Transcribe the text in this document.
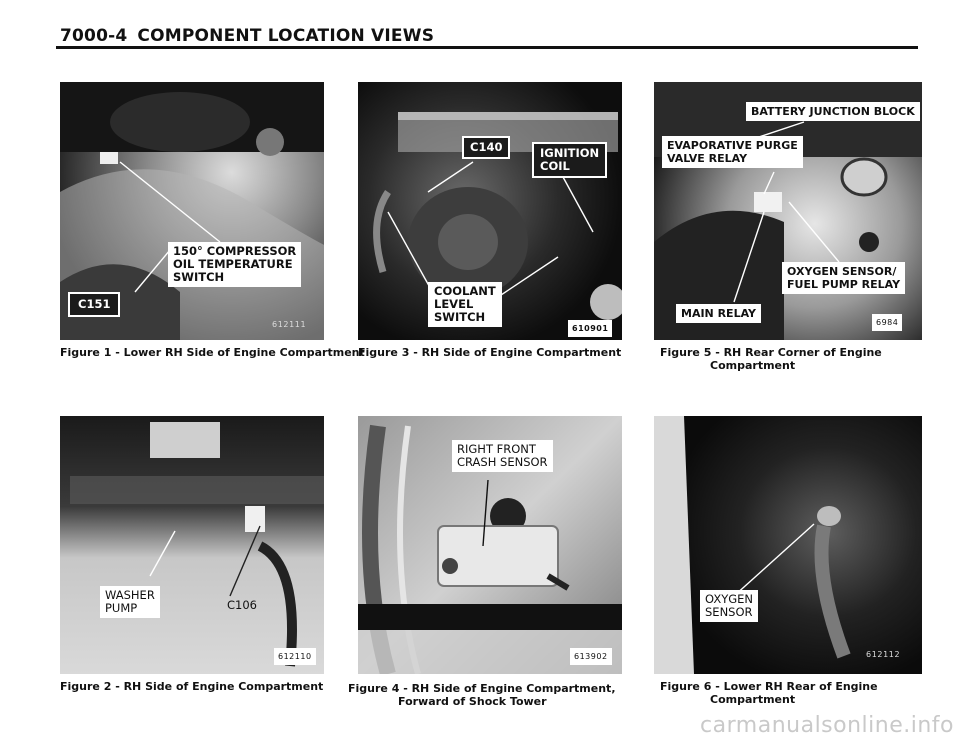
7000-4 COMPONENT LOCATION VIEWS
150° COMPRESSOR
OIL TEMPERATURE
SWITCH
C151
612111
Figure 1 - Lower RH Side of Engine Compartment
C140	IGNITION
COIL
COOLANT
LEVEL
SWITCH
610901
Figure 3 - RH Side of Engine Compartment
BATTERY JUNCTION BLOCK
EVAPORATIVE PURGE
VALVE RELAY
OXYGEN SENSOR/
FUEL PUMP RELAY
MAIN RELAY
6984
Figure 5 - RH Rear Corner of Engine
Compartment
WASHER
PUMP	C106
612110
Figure 2 - RH Side of Engine Compartment
RIGHT FRONT
CRASH SENSOR
613902
Figure 4 - RH Side of Engine Compartment,
Forward of Shock Tower
OXYGEN
SENSOR
612112
Figure 6 - Lower RH Rear of Engine
Compartment
carmanualsonline.info
